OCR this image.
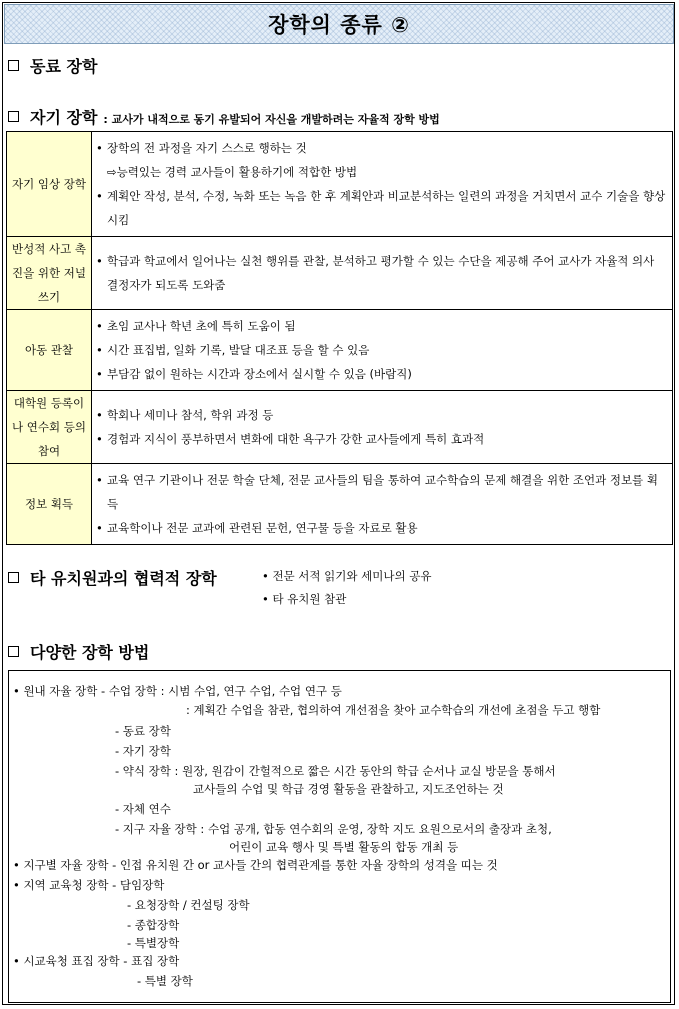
장학의 종류 ②
동료 장학
자기 장학 : 교사가 내적으로 동기 유발되어 자신을 개발하려는 자율적 장학 방법
자기 임상 장학	• 장학의 전 과정을 자기 스스로 행하는 것
⇨능력있는 경력 교사들이 활용하기에 적합한 방법
• 계획안 작성, 분석, 수정, 녹화 또는 녹음 한 후 계획안과 비교분석하는 일련의 과정을 거치면서 교수 기술을 향상시킴

반성적 사고 촉진을 위한 저널 쓰기	• 학급과 학교에서 일어나는 실천 행위를 관찰, 분석하고 평가할 수 있는 수단을 제공해 주어 교사가 자율적 의사 결정자가 되도록 도와줌

아동 관찰	• 초임 교사나 학년 초에 특히 도움이 됨
• 시간 표집법, 일화 기록, 발달 대조표 등을 할 수 있음
• 부담감 없이 원하는 시간과 장소에서 실시할 수 있음 (바람직)

대학원 등록이나 연수회 등의 참여	• 학회나 세미나 참석, 학위 과정 등
• 경험과 지식이 풍부하면서 변화에 대한 욕구가 강한 교사들에게 특히 효과적

정보 획득	• 교육 연구 기관이나 전문 학술 단체, 전문 교사들의 팀을 통하여 교수학습의 문제 해결을 위한 조언과 정보를 획득
• 교육학이나 전문 교과에 관련된 문헌, 연구물 등을 자료로 활용
타 유치원과의 협력적 장학	• 전문 서적 읽기와 세미나의 공유
• 타 유치원 참관
다양한 장학 방법
• 원내 자율 장학 - 수업 장학 : 시범 수업, 연구 수업, 수업 연구 등
: 계획간 수업을 참관, 협의하여 개선점을 찾아 교수학습의 개선에 초점을 두고 행함
- 동료 장학
- 자기 장학
- 약식 장학 : 원장, 원감이 간헐적으로 짧은 시간 동안의 학급 순서나 교실 방문을 통해서
교사들의 수업 및 학급 경영 활동을 관찰하고, 지도조언하는 것
- 자체 연수
- 지구 자율 장학 : 수업 공개, 합동 연수회의 운영, 장학 지도 요원으로서의 출장과 초청,
어린이 교육 행사 및 특별 활동의 합동 개최 등
• 지구별 자율 장학 - 인접 유치원 간 or 교사들 간의 협력관계를 통한 자율 장학의 성격을 띠는 것
• 지역 교육청 장학 - 담임장학
- 요청장학 / 컨설팅 장학
- 종합장학
- 특별장학
• 시교육청 표집 장학 - 표집 장학
- 특별 장학
